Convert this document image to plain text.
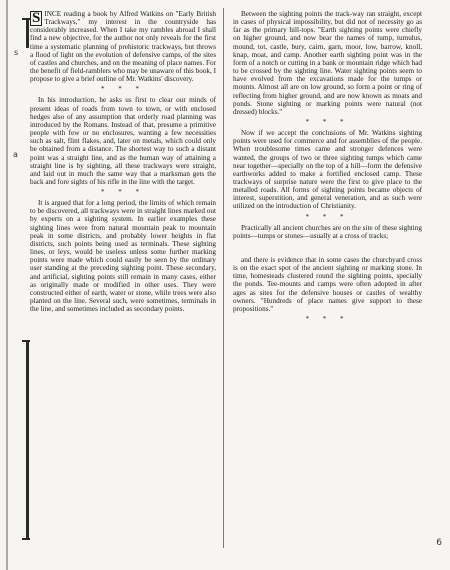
s
a

S INCE reading a book by Alfred Watkins on "Early British Trackways," my interest in the countryside has considerably increased. When I take my rambles abroad I shall find a new objective, for the author not only reveals for the first time a systematic planning of prehistoric trackways, but throws a flood of light on the evolution of defensive camps, of the sites of castles and churches, and on the meaning of place names. For the benefit of field-ramblers who may be unaware of this book, I propose to give a brief outline of Mr. Watkins' discovery.

* * *

In his introduction, he asks us first to clear our minds of present ideas of roads from town to town, or with enclosed hedges also of any assumption that orderly road planning was introduced by the Romans. Instead of that, presume a primitive people with few or no enclosures, wanting a few necessities such as salt, flint flakes, and, later on metals, which could only be obtained from a distance. The shortest way to such a distant point was a straight line, and as the human way of attaining a straight line is by sighting, all these trackways were straight, and laid out in much the same way that a marksman gets the back and fore sights of his rifle in the line with the target.

* * *

It is argued that for a long period, the limits of which remain to be discovered, all trackways were in straight lines marked out by experts on a sighting system. In earlier examples these sighting lines were from natural mountain peak to mountain peak in some districts, and probably lower heights in flat districts, such points being used as terminals. These sighting lines, or leys, would be useless unless some further marking points were made which could easily be seen by the ordinary user standing at the preceding sighting point. These secondary, and artificial, sighting points still remain in many cases, either as originally made or modified in other uses. They were constructed either of earth, water or stone, while trees were also planted on the line. Several such, were sometimes, terminals in the line, and sometimes included as secondary points.

Between the sighting points the track-way ran straight, except in cases of physical impossibility, but did not of necessity go as far as the primary hill-tops. "Earth sighting points were chiefly on higher ground, and now bear the names of tump, tumulus, mound, tot, castle, bury, cairn, garn, moor, low, barrow, knoll, knap, moat, and camp. Another earth sighting point was in the form of a notch or cutting in a bank or mountain ridge which had to be crossed by the sighting line. Water sighting points seem to have evolved from the excavations made for the tumps or mounts. Almost all are on low ground, so form a point or ring of reflecting from higher ground, and are now known as moats and ponds. Stone sighting or marking points were natural (not dressed) blocks."

* * *

Now if we accept the conclusions of Mr. Watkins sighting points were used for commerce and for assemblies of the people. When troublesome times came and stronger defences were wanted, the groups of two or three sighting tumps which came near together—specially on the top of a hill—form the defensive earthworks added to make a fortified enclosed camp. These trackways of surprise nature were the first to give place to the metalled roads. All forms of sighting points became objects of interest, superstition, and general veneration, and as such were utilized on the introduction of Christianity.

* * *

Practically all ancient churches are on the site of these sighting points—tumps or stones—usually at a cross of tracks;

and there is evidence that in some cases the churchyard cross is on the exact spot of the ancient sighting or marking stone. In time, homesteads clustered round the sighting points, specially the ponds. Tee-mounts and camps were often adopted in after ages as sites for the defensive houses or castles of wealthy owners. "Hundreds of place names give support to these propositions."

* * *
6
